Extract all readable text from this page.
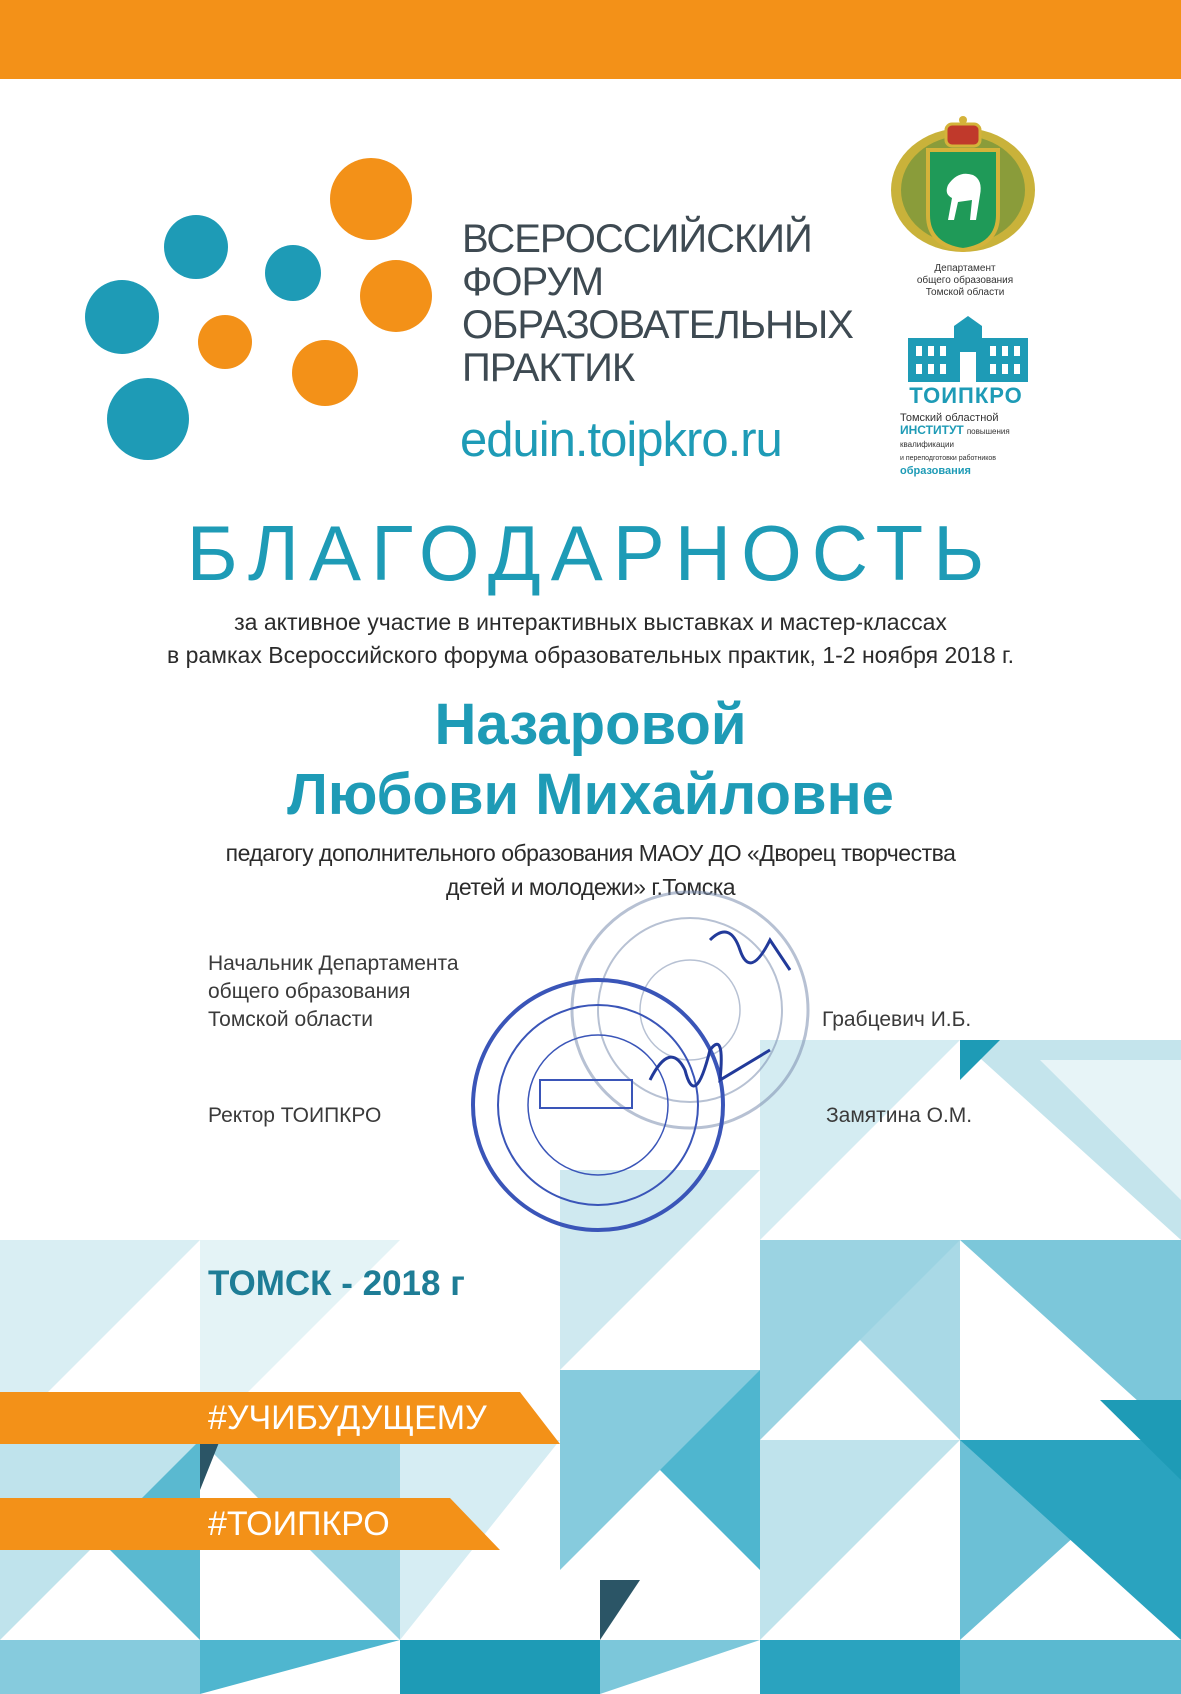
ВСЕРОССИЙСКИЙ
ФОРУМ
ОБРАЗОВАТЕЛЬНЫХ
ПРАКТИК
eduin.toipkro.ru
Департамент
общего образования
Томской области
ТОИПКРО
Томский областной
ИНСТИТУТ повышения квалификации
и переподготовки работников образования
БЛАГОДАРНОСТЬ
за активное участие в интерактивных выставках и мастер-классах
в рамках Всероссийского форума образовательных практик, 1-2 ноября 2018 г.
Назаровой
Любови Михайловне
педагогу дополнительного образования МАОУ ДО «Дворец творчества
детей и молодежи» г.Томска
Начальник Департамента
общего образования
Томской области	Грабцевич И.Б.
Ректор ТОИПКРО	Замятина О.М.
ТОМСК - 2018 г
#УЧИБУДУЩЕМУ
#ТОИПКРО
